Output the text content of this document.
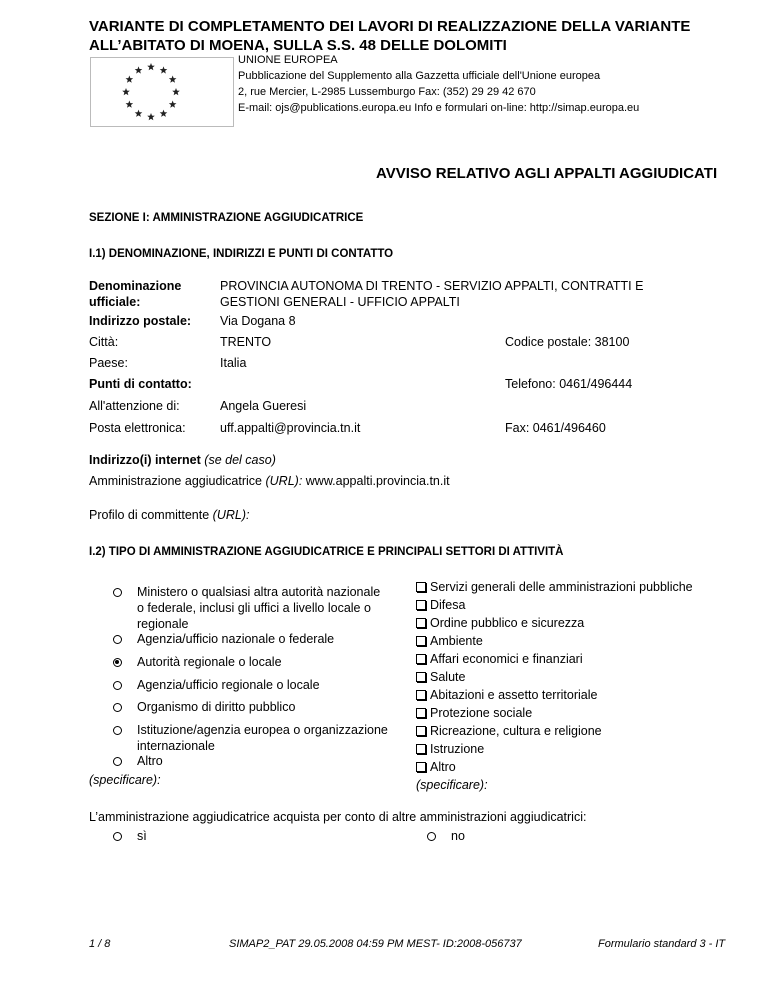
VARIANTE DI COMPLETAMENTO DEI LAVORI DI REALIZZAZIONE DELLA VARIANTE ALL’ABITATO DI MOENA, SULLA S.S. 48 DELLE DOLOMITI
UNIONE EUROPEA
Pubblicazione del Supplemento alla Gazzetta ufficiale dell'Unione europea
2, rue Mercier, L-2985 Lussemburgo Fax: (352) 29 29 42 670
E-mail: ojs@publications.europa.eu Info e formulari on-line: http://simap.europa.eu
AVVISO RELATIVO AGLI APPALTI AGGIUDICATI
SEZIONE I: AMMINISTRAZIONE AGGIUDICATRICE
I.1) DENOMINAZIONE, INDIRIZZI E PUNTI DI CONTATTO
Denominazione
ufficiale:
PROVINCIA AUTONOMA DI TRENTO - SERVIZIO APPALTI, CONTRATTI E
GESTIONI GENERALI - UFFICIO APPALTI
Indirizzo postale: Via Dogana 8
Città:	TRENTO	Codice postale: 38100
Paese:	Italia
Punti di contatto:	Telefono: 0461/496444
All'attenzione di:	Angela Gueresi
Posta elettronica:	uff.appalti@provincia.tn.it	Fax: 0461/496460
Indirizzo(i) internet (se del caso)
Amministrazione aggiudicatrice (URL): www.appalti.provincia.tn.it
Profilo di committente (URL):
I.2) TIPO DI AMMINISTRAZIONE AGGIUDICATRICE E PRINCIPALI SETTORI DI ATTIVITÀ
Ministero o qualsiasi altra autorità nazionale
o federale, inclusi gli uffici a livello locale o
regionale
Agenzia/ufficio nazionale o federale
Autorità regionale o locale
Agenzia/ufficio regionale o locale
Organismo di diritto pubblico
Istituzione/agenzia europea o organizzazione
internazionale
Altro
(specificare):
Servizi generali delle amministrazioni pubbliche
Difesa
Ordine pubblico e sicurezza
Ambiente
Affari economici e finanziari
Salute
Abitazioni e assetto territoriale
Protezione sociale
Ricreazione, cultura e religione
Istruzione
Altro
(specificare):
L’amministrazione aggiudicatrice acquista per conto di altre amministrazioni aggiudicatrici:
sì	no
1 / 8	SIMAP2_PAT 29.05.2008 04:59 PM MEST- ID:2008-056737	Formulario standard 3 - IT
